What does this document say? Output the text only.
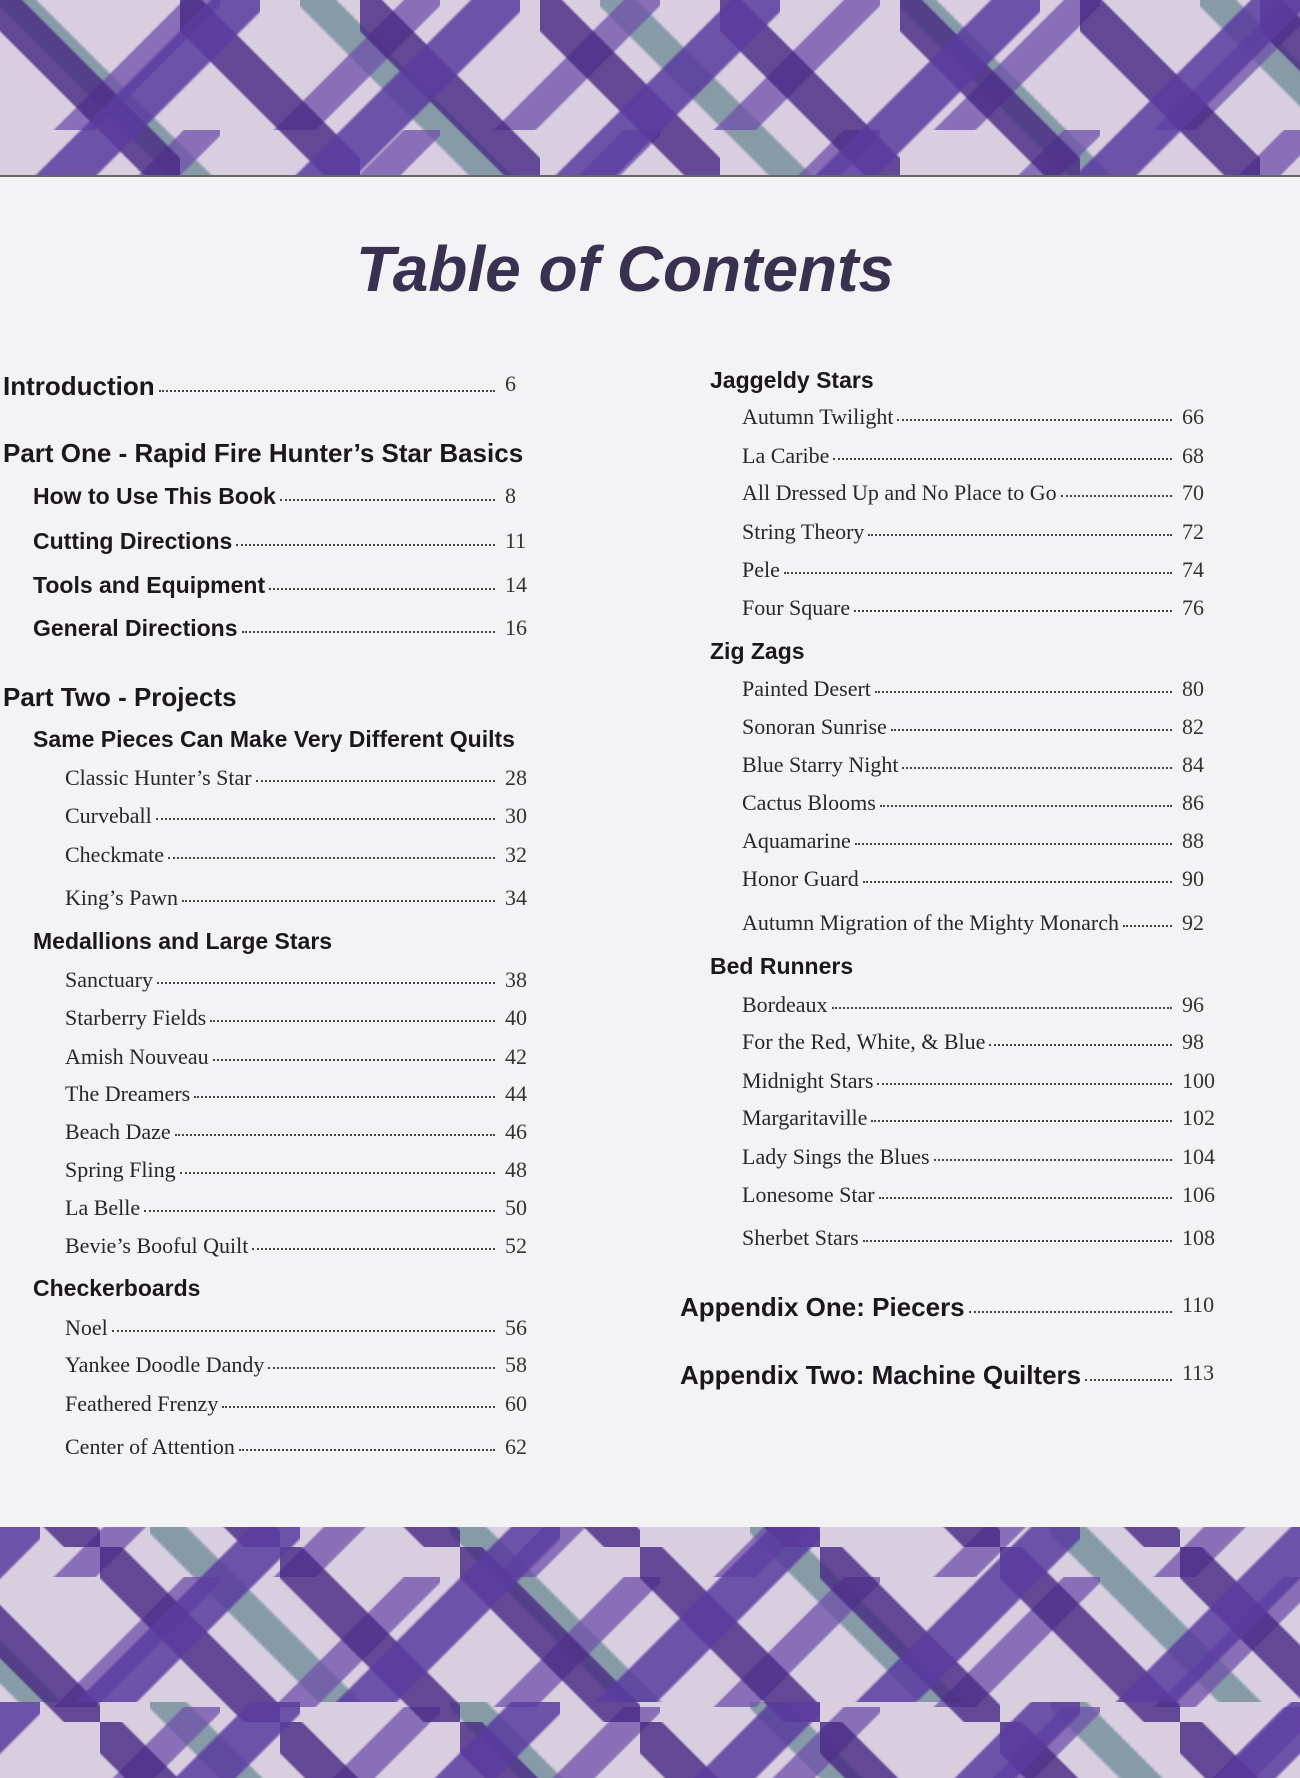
Table of Contents
Introduction	6
Part One - Rapid Fire Hunter’s Star Basics
How to Use This Book	8
Cutting Directions	11
Tools and Equipment	14
General Directions	16
Part Two - Projects
Same Pieces Can Make Very Different Quilts
Classic Hunter’s Star	28
Curveball	30
Checkmate	32
King’s Pawn	34
Medallions and Large Stars
Sanctuary	38
Starberry Fields	40
Amish Nouveau	42
The Dreamers	44
Beach Daze	46
Spring Fling	48
La Belle	50
Bevie’s Booful Quilt	52
Checkerboards
Noel	56
Yankee Doodle Dandy	58
Feathered Frenzy	60
Center of Attention	62
Jaggeldy Stars
Autumn Twilight	66
La Caribe	68
All Dressed Up and No Place to Go	70
String Theory	72
Pele	74
Four Square	76
Zig Zags
Painted Desert	80
Sonoran Sunrise	82
Blue Starry Night	84
Cactus Blooms	86
Aquamarine	88
Honor Guard	90
Autumn Migration of the Mighty Monarch	92
Bed Runners
Bordeaux	96
For the Red, White, & Blue	98
Midnight Stars	100
Margaritaville	102
Lady Sings the Blues	104
Lonesome Star	106
Sherbet Stars	108
Appendix One: Piecers	110
Appendix Two: Machine Quilters	113
